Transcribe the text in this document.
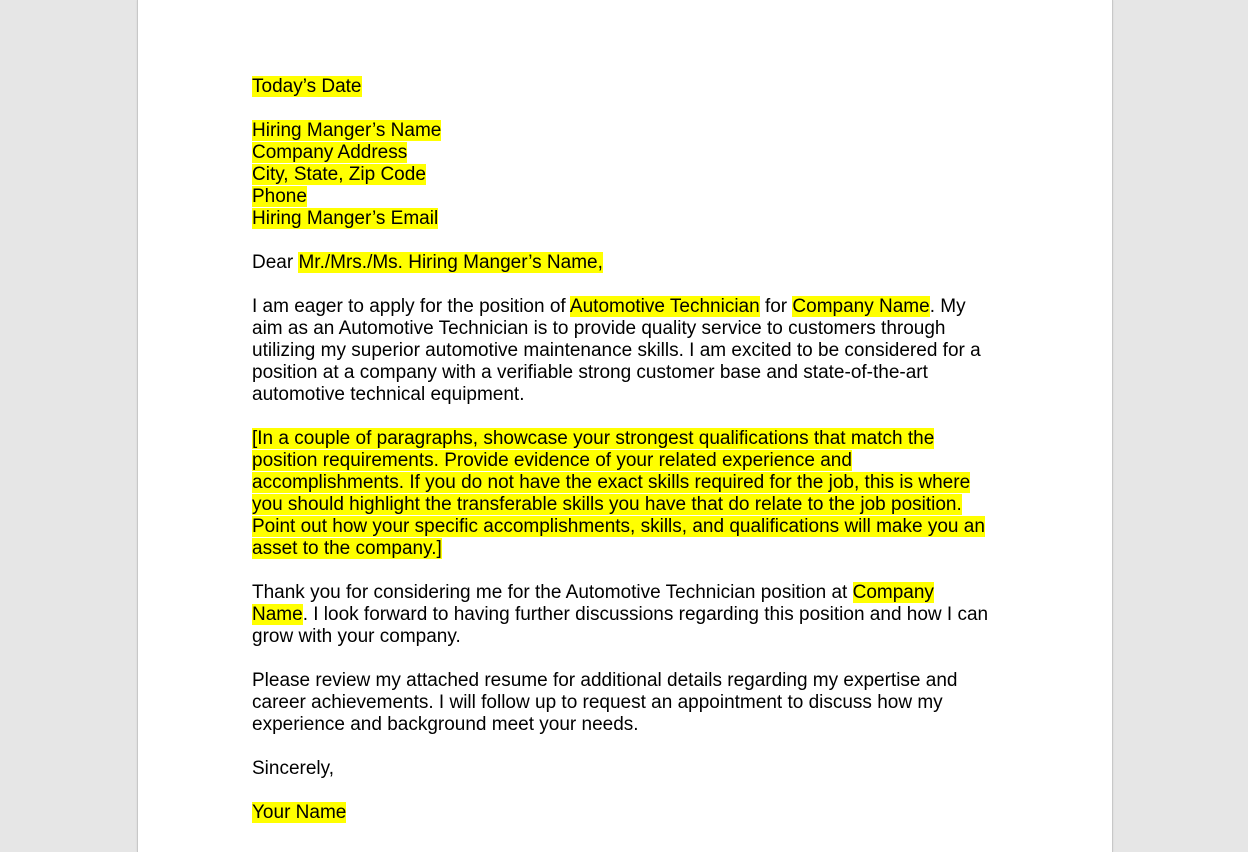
Today’s Date

Hiring Manger’s Name
Company Address
City, State, Zip Code
Phone
Hiring Manger’s Email

Dear Mr./Mrs./Ms. Hiring Manger’s Name,

I am eager to apply for the position of Automotive Technician for Company Name. My
aim as an Automotive Technician is to provide quality service to customers through
utilizing my superior automotive maintenance skills. I am excited to be considered for a
position at a company with a verifiable strong customer base and state-of-the-art
automotive technical equipment.

[In a couple of paragraphs, showcase your strongest qualifications that match the
position requirements. Provide evidence of your related experience and
accomplishments. If you do not have the exact skills required for the job, this is where
you should highlight the transferable skills you have that do relate to the job position.
Point out how your specific accomplishments, skills, and qualifications will make you an
asset to the company.]

Thank you for considering me for the Automotive Technician position at Company
Name. I look forward to having further discussions regarding this position and how I can
grow with your company.

Please review my attached resume for additional details regarding my expertise and
career achievements. I will follow up to request an appointment to discuss how my
experience and background meet your needs.

Sincerely,

Your Name
